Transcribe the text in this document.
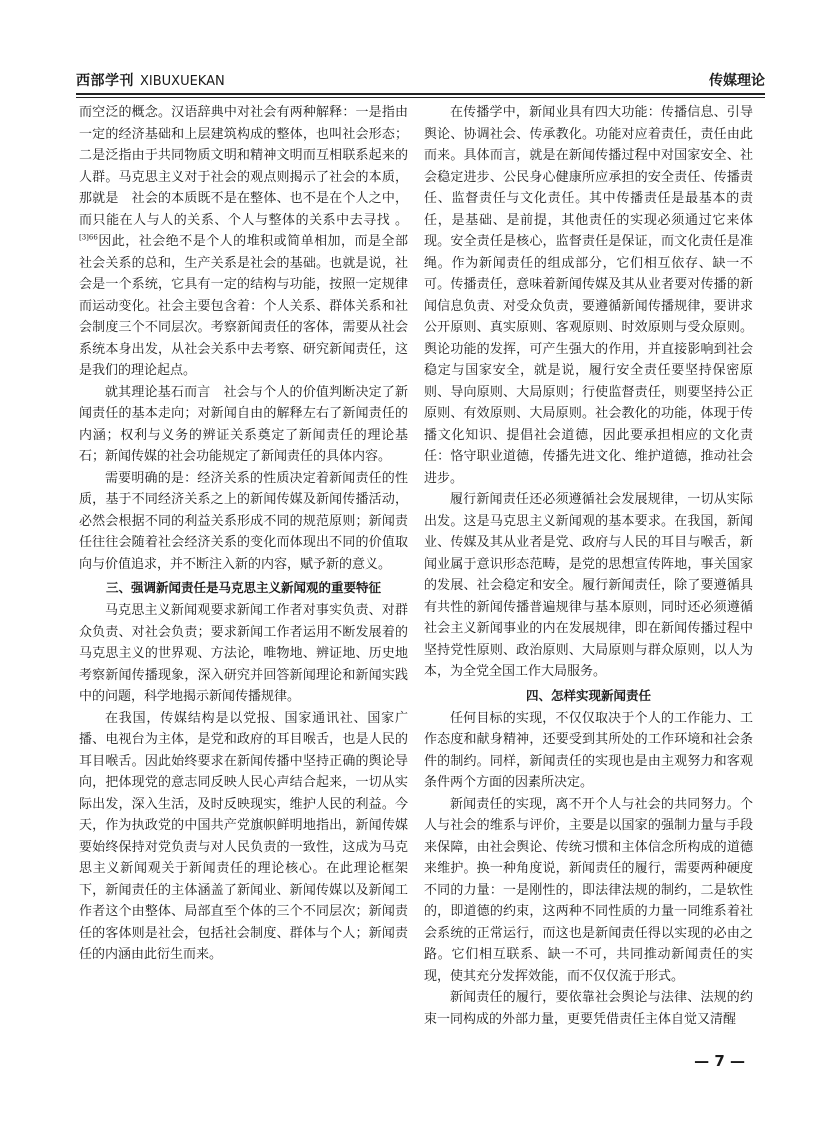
西部学刊 XIBUXUEKAN	传媒理论

而空泛的概念。汉语辞典中对社会有两种解释：一是指由一定的经济基础和上层建筑构成的整体，也叫社会形态；二是泛指由于共同物质文明和精神文明而互相联系起来的人群。马克思主义对于社会的观点则揭示了社会的本质，那就是　社会的本质既不是在整体、也不是在个人之中，而只能在人与人的关系、个人与整体的关系中去寻找 。$^{[3]66}$因此，社会绝不是个人的堆积或简单相加，而是全部社会关系的总和，生产关系是社会的基础。也就是说，社会是一个系统，它具有一定的结构与功能，按照一定规律而运动变化。社会主要包含着：个人关系、群体关系和社会制度三个不同层次。考察新闻责任的客体，需要从社会系统本身出发，从社会关系中去考察、研究新闻责任，这是我们的理论起点。

就其理论基石而言　社会与个人的价值判断决定了新闻责任的基本走向；对新闻自由的解释左右了新闻责任的内涵；权利与义务的辨证关系奠定了新闻责任的理论基石；新闻传媒的社会功能规定了新闻责任的具体内容。

需要明确的是：经济关系的性质决定着新闻责任的性质，基于不同经济关系之上的新闻传媒及新闻传播活动，必然会根据不同的利益关系形成不同的规范原则；新闻责任往往会随着社会经济关系的变化而体现出不同的价值取向与价值追求，并不断注入新的内容，赋予新的意义。

三、强调新闻责任是马克思主义新闻观的重要特征

马克思主义新闻观要求新闻工作者对事实负责、对群众负责、对社会负责；要求新闻工作者运用不断发展着的马克思主义的世界观、方法论，唯物地、辨证地、历史地考察新闻传播现象，深入研究并回答新闻理论和新闻实践中的问题，科学地揭示新闻传播规律。

在我国，传媒结构是以党报、国家通讯社、国家广播、电视台为主体，是党和政府的耳目喉舌，也是人民的耳目喉舌。因此始终要求在新闻传播中坚持正确的舆论导向，把体现党的意志同反映人民心声结合起来，一切从实际出发，深入生活，及时反映现实，维护人民的利益。今天，作为执政党的中国共产党旗帜鲜明地指出，新闻传媒要始终保持对党负责与对人民负责的一致性，这成为马克思主义新闻观关于新闻责任的理论核心。在此理论框架下，新闻责任的主体涵盖了新闻业、新闻传媒以及新闻工作者这个由整体、局部直至个体的三个不同层次；新闻责任的客体则是社会，包括社会制度、群体与个人；新闻责任的内涵由此衍生而来。

在传播学中，新闻业具有四大功能：传播信息、引导舆论、协调社会、传承教化。功能对应着责任，责任由此而来。具体而言，就是在新闻传播过程中对国家安全、社会稳定进步、公民身心健康所应承担的安全责任、传播责任、监督责任与文化责任。其中传播责任是最基本的责任，是基础、是前提，其他责任的实现必须通过它来体现。安全责任是核心，监督责任是保证，而文化责任是准绳。作为新闻责任的组成部分，它们相互依存、缺一不可。传播责任，意味着新闻传媒及其从业者要对传播的新闻信息负责、对受众负责，要遵循新闻传播规律，要讲求公开原则、真实原则、客观原则、时效原则与受众原则。舆论功能的发挥，可产生强大的作用，并直接影响到社会稳定与国家安全，就是说，履行安全责任要坚持保密原则、导向原则、大局原则；行使监督责任，则要坚持公正原则、有效原则、大局原则。社会教化的功能，体现于传播文化知识、提倡社会道德，因此要承担相应的文化责任：恪守职业道德，传播先进文化、维护道德，推动社会进步。

履行新闻责任还必须遵循社会发展规律，一切从实际出发。这是马克思主义新闻观的基本要求。在我国，新闻业、传媒及其从业者是党、政府与人民的耳目与喉舌，新闻业属于意识形态范畴，是党的思想宣传阵地，事关国家的发展、社会稳定和安全。履行新闻责任，除了要遵循具有共性的新闻传播普遍规律与基本原则，同时还必须遵循社会主义新闻事业的内在发展规律，即在新闻传播过程中坚持党性原则、政治原则、大局原则与群众原则，以人为本，为全党全国工作大局服务。

四、怎样实现新闻责任

任何目标的实现，不仅仅取决于个人的工作能力、工作态度和献身精神，还要受到其所处的工作环境和社会条件的制约。同样，新闻责任的实现也是由主观努力和客观条件两个方面的因素所决定。

新闻责任的实现，离不开个人与社会的共同努力。个人与社会的维系与评价，主要是以国家的强制力量与手段来保障，由社会舆论、传统习惯和主体信念所构成的道德来维护。换一种角度说，新闻责任的履行，需要两种硬度不同的力量：一是刚性的，即法律法规的制约，二是软性的，即道德的约束，这两种不同性质的力量一同维系着社会系统的正常运行，而这也是新闻责任得以实现的必由之路。它们相互联系、缺一不可，共同推动新闻责任的实现，使其充分发挥效能，而不仅仅流于形式。

新闻责任的履行，要依靠社会舆论与法律、法规的约束一同构成的外部力量，更要凭借责任主体自觉又清醒

— 7 —
